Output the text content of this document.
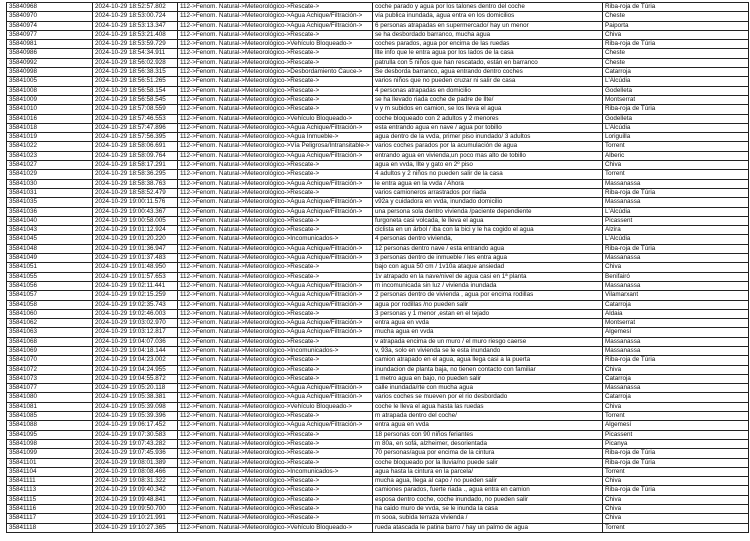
35840968	2024-10-29 18:52:57.802	112->Fenom. Natural->Meteorológico->Rescate->	coche parado y agua por los talones dentro del coche	Riba-roja de Túria
35840970	2024-10-29 18:53:00.724	112->Fenom. Natural->Meteorológico->Agua Achique/Filtración->	vía publica inundada, agua entra en los domicilios	Cheste
35840974	2024-10-29 18:53:13.347	112->Fenom. Natural->Meteorológico->Agua Achique/Filtración->	6 personas atrapadas en supermercado/ hay un menor	Paiporta
35840977	2024-10-29 18:53:21.408	112->Fenom. Natural->Meteorológico->Rescate->	se ha desbordado barranco, mucha agua	Chiva
35840981	2024-10-29 18:53:59.729	112->Fenom. Natural->Meteorológico->Vehículo Bloqueado->	coches parados, agua por encima de las ruedas	Riba-roja de Túria
35840986	2024-10-29 18:54:34.911	112->Fenom. Natural->Meteorológico->Rescate->	llte info que le entra agua por los lados de la casa	Cheste
35840992	2024-10-29 18:56:02.928	112->Fenom. Natural->Meteorológico->Rescate->	patrulla con 5 niños que han rescatado, están en barranco	Cheste
35840998	2024-10-29 18:56:38.315	112->Fenom. Natural->Meteorológico->Desbordamiento Cauce->	Se desborda barranco, agua entrando dentro coches	Catarroja
35841005	2024-10-29 18:56:51.265	112->Fenom. Natural->Meteorológico->Rescate->	varios niños que no pueden cruzar ni salir de casa	L'Alcúdia
35841008	2024-10-29 18:56:58.154	112->Fenom. Natural->Meteorológico->Rescate->	4 personas atrapadas en domicilio	Godelleta
35841009	2024-10-29 18:56:58.545	112->Fenom. Natural->Meteorológico->Rescate->	se ha llevado riada coche de padre de llte/	Montserrat
35841010	2024-10-29 18:57:08.559	112->Fenom. Natural->Meteorológico->Rescate->	v y m subidos en camion, se los lleva el agua	Riba-roja de Túria
35841016	2024-10-29 18:57:46.553	112->Fenom. Natural->Meteorológico->Vehículo Bloqueado->	coche bloqueado con 2 adultos y 2 menores	Godelleta
35841018	2024-10-29 18:57:47.896	112->Fenom. Natural->Meteorológico->Agua Achique/Filtración->	esta entrando agua en nave / agua por tobillo	L'Alcúdia
35841019	2024-10-29 18:57:56.395	112->Fenom. Natural->Meteorológico->Agua Inmueble->	agua dentro de la vvda, primer piso inundado/ 3 adultos	Loriguilla
35841022	2024-10-29 18:58:06.691	112->Fenom. Natural->Meteorológico->Vía Peligrosa/Intransitable->	varios coches parados por la acumulación de agua	Torrent
35841023	2024-10-29 18:58:09.764	112->Fenom. Natural->Meteorológico->Agua Achique/Filtración->	entrando agua en vivienda,un poco mas alto de tobillo	Alberic
35841027	2024-10-29 18:58:17.291	112->Fenom. Natural->Meteorológico->Rescate->	agua en vvda, llte y gato en 2º piso	Chiva
35841029	2024-10-29 18:58:36.295	112->Fenom. Natural->Meteorológico->Rescate->	4 adultos y 2 niños no pueden salir de la casa	Torrent
35841030	2024-10-29 18:58:38.763	112->Fenom. Natural->Meteorológico->Agua Achique/Filtración->	le entra agua en la vvda / Ahora	Massanassa
35841031	2024-10-29 18:58:52.479	112->Fenom. Natural->Meteorológico->Rescate->	varios camioneros arrastrados por riada	Riba-roja de Túria
35841035	2024-10-29 19:00:11.576	112->Fenom. Natural->Meteorológico->Agua Achique/Filtración->	v92a y cuidadora en vvda, inundado domicilio	Massanassa
35841036	2024-10-29 19:00:43.367	112->Fenom. Natural->Meteorológico->Agua Achique/Filtración->	una persona sola dentro vivienda /paciente dependiente	L'Alcúdia
35841040	2024-10-29 19:00:58.005	112->Fenom. Natural->Meteorológico->Rescate->	furgoneta casi volcada, le lleva el agua	Picassent
35841043	2024-10-29 19:01:12.924	112->Fenom. Natural->Meteorológico->Rescate->	ciclista en un árbol / iba con la bici y le ha cogido el agua	Alzira
35841045	2024-10-29 19:01:20.220	112->Fenom. Natural->Meteorológico->Incomunicados->	4 personas dentro vivienda,	L'Alcúdia
35841048	2024-10-29 19:01:36.947	112->Fenom. Natural->Meteorológico->Agua Achique/Filtración->	12 personas dentro nave / esta entrando agua	Riba-roja de Túria
35841049	2024-10-29 19:01:37.483	112->Fenom. Natural->Meteorológico->Agua Achique/Filtración->	3 personas dentro de inmueble / les entra agua	Massanassa
35841051	2024-10-29 19:01:48.950	112->Fenom. Natural->Meteorológico->Rescate->	bajo con agua 50 cm / 1v10a ataque ansiedad	Chiva
35841055	2024-10-29 19:01:57.653	112->Fenom. Natural->Meteorológico->Rescate->	1v atrapado en la nave/nivel de agua casi en 1ª planta	Benifairó
35841056	2024-10-29 19:02:11.441	112->Fenom. Natural->Meteorológico->Agua Achique/Filtración->	m incomunicada sin luz / vivienda inundada	Massanassa
35841057	2024-10-29 19:02:15.259	112->Fenom. Natural->Meteorológico->Agua Achique/Filtración->	2 personas dentro de vivienda , agua por encima rodillas	Vilamarxant
35841058	2024-10-29 19:02:35.743	112->Fenom. Natural->Meteorológico->Agua Achique/Filtración->	agua por rodillas /no pueden salir	Catarroja
35841060	2024-10-29 19:02:46.003	112->Fenom. Natural->Meteorológico->Rescate->	3 personas y 1 menor ,estan en el tejado	Aldaia
35841062	2024-10-29 19:03:02.970	112->Fenom. Natural->Meteorológico->Agua Achique/Filtración->	entra agua en vvda	Montserrat
35841063	2024-10-29 19:03:12.817	112->Fenom. Natural->Meteorológico->Agua Achique/Filtración->	mucha agua en vvda	Algemesí
35841068	2024-10-29 19:04:07.036	112->Fenom. Natural->Meteorológico->Rescate->	v atrapada encima de un muro / el muro riesgo caerse	Massanassa
35841069	2024-10-29 19:04:18.144	112->Fenom. Natural->Meteorológico->Incomunicados->	v, 93a, solo en vivienda se le esta inundando	Massanassa
35841070	2024-10-29 19:04:23.002	112->Fenom. Natural->Meteorológico->Rescate->	camion atrapado en el agua, agua llega casi a la puerta	Riba-roja de Túria
35841072	2024-10-29 19:04:24.955	112->Fenom. Natural->Meteorológico->Rescate->	inundacion de planta baja, no tienen contacto con familiar	Chiva
35841073	2024-10-29 19:04:55.872	112->Fenom. Natural->Meteorológico->Rescate->	1 metro agua en bajo, no pueden salir	Catarroja
35841077	2024-10-29 19:05:20.118	112->Fenom. Natural->Meteorológico->Agua Achique/Filtración->	calle inundada/rte con mucha agua	Massanassa
35841080	2024-10-29 19:05:38.381	112->Fenom. Natural->Meteorológico->Agua Achique/Filtración->	varios coches se mueven por el rio desbordado	Catarroja
35841081	2024-10-29 19:05:39.098	112->Fenom. Natural->Meteorológico->Vehículo Bloqueado->	coche le lleva el agua hasta las ruedas	Chiva
35841085	2024-10-29 19:05:39.396	112->Fenom. Natural->Meteorológico->Rescate->	m atrapada dentro del coche/	Torrent
35841088	2024-10-29 19:06:17.452	112->Fenom. Natural->Meteorológico->Agua Achique/Filtración->	entra agua en vvda	Algemesí
35841095	2024-10-29 19:07:30.583	112->Fenom. Natural->Meteorológico->Rescate->	18 personas con 90 niños feriantes	Picassent
35841098	2024-10-29 19:07:43.282	112->Fenom. Natural->Meteorológico->Rescate->	m 80a, en sofá, alzheimer, desorientada	Picanya
35841099	2024-10-29 19:07:45.936	112->Fenom. Natural->Meteorológico->Rescate->	70 personas/agua por encima de la cintura	Riba-roja de Túria
35841101	2024-10-29 19:08:01.389	112->Fenom. Natural->Meteorológico->Rescate->	coche bloqueado por la lluvia/no puede salir	Riba-roja de Túria
35841104	2024-10-29 19:08:08.466	112->Fenom. Natural->Meteorológico->Incomunicados->	agua hasta la cintura en la parcela/	Torrent
35841111	2024-10-29 19:08:31.322	112->Fenom. Natural->Meteorológico->Rescate->	mucha agua, llega al capo / no pueden salir	Chiva
35841113	2024-10-29 19:09:40.342	112->Fenom. Natural->Meteorológico->Rescate->	camiones parados, fuerte riada ., agua entra en camion	Riba-roja de Túria
35841115	2024-10-29 19:09:48.841	112->Fenom. Natural->Meteorológico->Rescate->	esposa dentro coche, coche inundado, no pueden salir	Chiva
35841116	2024-10-29 19:09:50.700	112->Fenom. Natural->Meteorológico->Rescate->	ha caido muro de vvda, se le inunda la casa	Chiva
35841117	2024-10-29 19:10:21.991	112->Fenom. Natural->Meteorológico->Rescate->	m sooa, subida terraza vivienda /	Chiva
35841118	2024-10-29 19:10:27.365	112->Fenom. Natural->Meteorológico->Vehículo Bloqueado->	rueda atascada le patina barro / hay un palmo de agua	Torrent
